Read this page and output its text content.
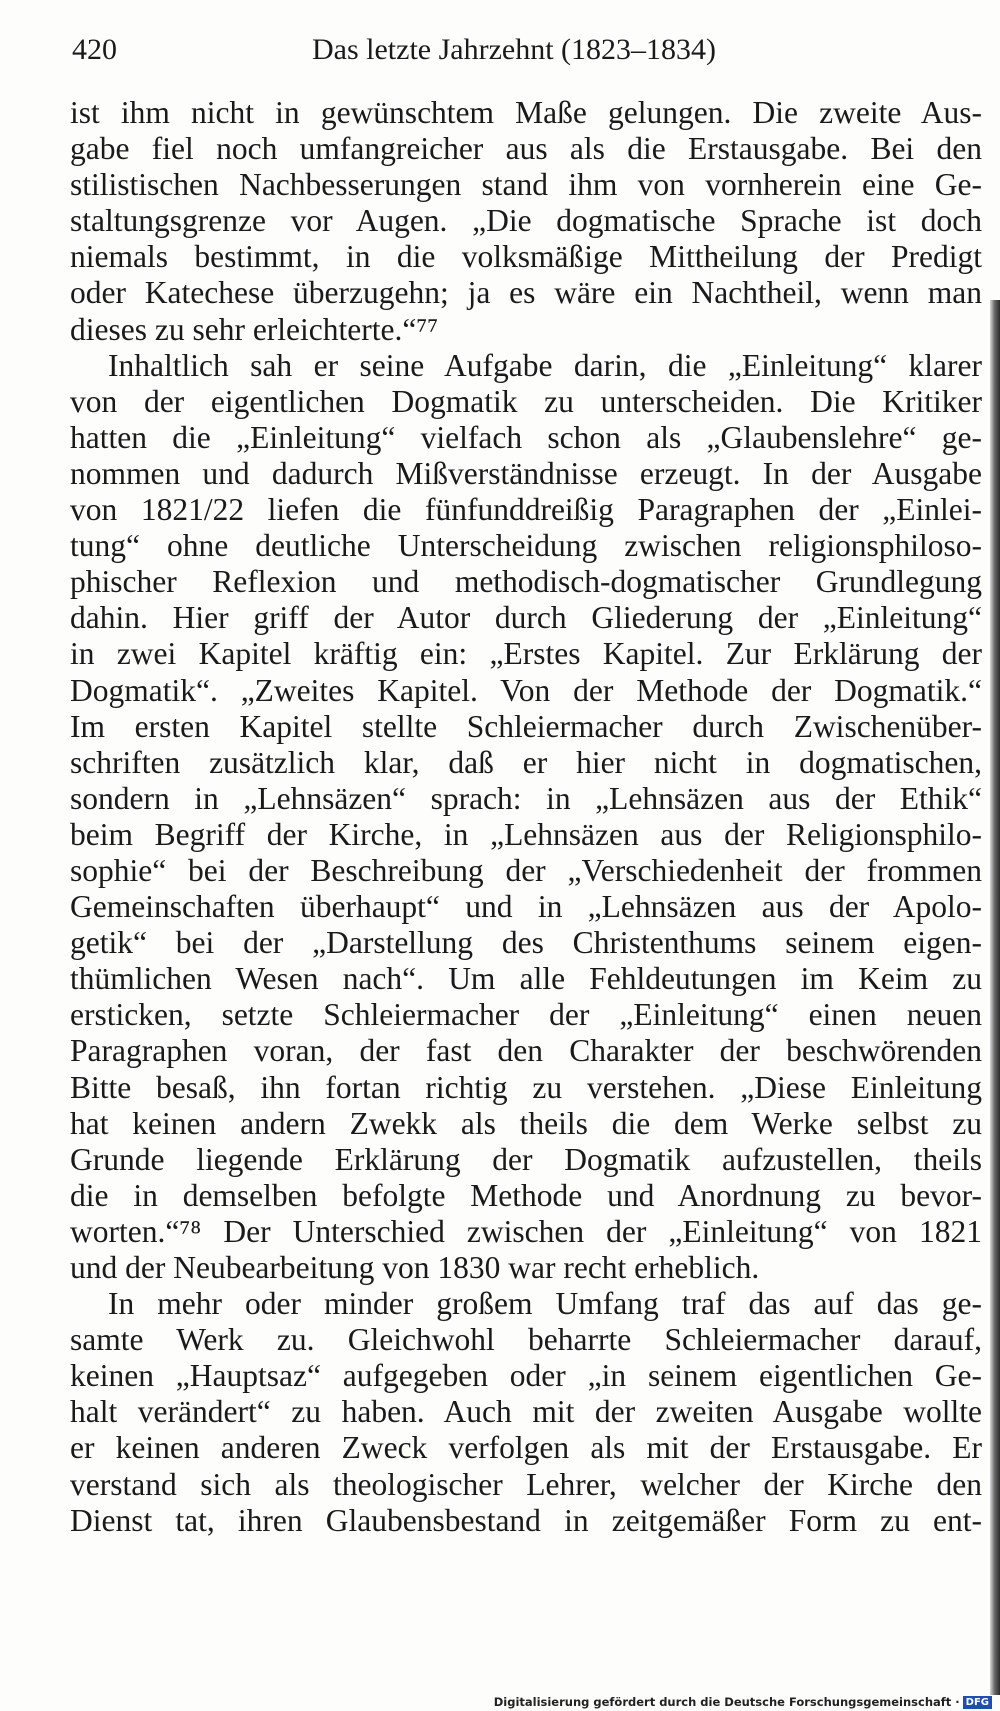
420	Das letzte Jahrzehnt (1823–1834)
ist ihm nicht in gewünschtem Maße gelungen. Die zweite Aus-
gabe fiel noch umfangreicher aus als die Erstausgabe. Bei den
stilistischen Nachbesserungen stand ihm von vornherein eine Ge-
staltungsgrenze vor Augen. „Die dogmatische Sprache ist doch
niemals bestimmt, in die volksmäßige Mittheilung der Predigt
oder Katechese überzugehn; ja es wäre ein Nachtheil, wenn man
dieses zu sehr erleichterte.“⁷⁷
Inhaltlich sah er seine Aufgabe darin, die „Einleitung“ klarer
von der eigentlichen Dogmatik zu unterscheiden. Die Kritiker
hatten die „Einleitung“ vielfach schon als „Glaubenslehre“ ge-
nommen und dadurch Mißverständnisse erzeugt. In der Ausgabe
von 1821/22 liefen die fünfunddreißig Paragraphen der „Einlei-
tung“ ohne deutliche Unterscheidung zwischen religionsphiloso-
phischer Reflexion und methodisch-dogmatischer Grundlegung
dahin. Hier griff der Autor durch Gliederung der „Einleitung“
in zwei Kapitel kräftig ein: „Erstes Kapitel. Zur Erklärung der
Dogmatik“. „Zweites Kapitel. Von der Methode der Dogmatik.“
Im ersten Kapitel stellte Schleiermacher durch Zwischenüber-
schriften zusätzlich klar, daß er hier nicht in dogmatischen,
sondern in „Lehnsäzen“ sprach: in „Lehnsäzen aus der Ethik“
beim Begriff der Kirche, in „Lehnsäzen aus der Religionsphilo-
sophie“ bei der Beschreibung der „Verschiedenheit der frommen
Gemeinschaften überhaupt“ und in „Lehnsäzen aus der Apolo-
getik“ bei der „Darstellung des Christenthums seinem eigen-
thümlichen Wesen nach“. Um alle Fehldeutungen im Keim zu
ersticken, setzte Schleiermacher der „Einleitung“ einen neuen
Paragraphen voran, der fast den Charakter der beschwörenden
Bitte besaß, ihn fortan richtig zu verstehen. „Diese Einleitung
hat keinen andern Zwekk als theils die dem Werke selbst zu
Grunde liegende Erklärung der Dogmatik aufzustellen, theils
die in demselben befolgte Methode und Anordnung zu bevor-
worten.“⁷⁸ Der Unterschied zwischen der „Einleitung“ von 1821
und der Neubearbeitung von 1830 war recht erheblich.
In mehr oder minder großem Umfang traf das auf das ge-
samte Werk zu. Gleichwohl beharrte Schleiermacher darauf,
keinen „Hauptsaz“ aufgegeben oder „in seinem eigentlichen Ge-
halt verändert“ zu haben. Auch mit der zweiten Ausgabe wollte
er keinen anderen Zweck verfolgen als mit der Erstausgabe. Er
verstand sich als theologischer Lehrer, welcher der Kirche den
Dienst tat, ihren Glaubensbestand in zeitgemäßer Form zu ent-
Digitalisierung gefördert durch die Deutsche Forschungsgemeinschaft · DFG
